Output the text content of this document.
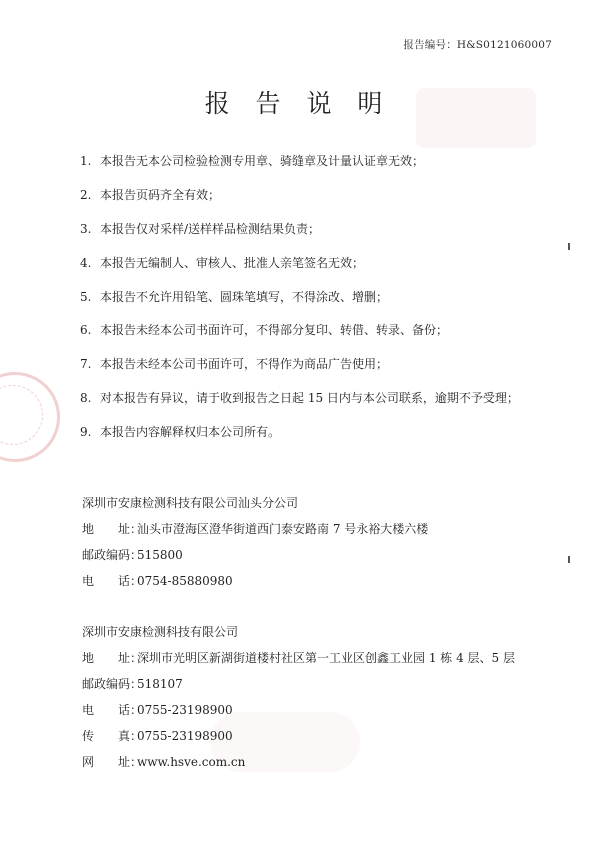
报告编号：H&S0121060007
报 告 说 明
1. 本报告无本公司检验检测专用章、骑缝章及计量认证章无效；
2. 本报告页码齐全有效；
3. 本报告仅对采样/送样样品检测结果负责；
4. 本报告无编制人、审核人、批准人亲笔签名无效；
5. 本报告不允许用铅笔、圆珠笔填写，不得涂改、增删；
6. 本报告未经本公司书面许可，不得部分复印、转借、转录、备份；
7. 本报告未经本公司书面许可，不得作为商品广告使用；
8. 对本报告有异议，请于收到报告之日起 15 日内与本公司联系，逾期不予受理；
9. 本报告内容解释权归本公司所有。
深圳市安康检测科技有限公司汕头分公司
地　　址：汕头市澄海区澄华街道西门泰安路南 7 号永裕大楼六楼
邮政编码：515800
电　　话：0754-85880980
深圳市安康检测科技有限公司
地　　址：深圳市光明区新湖街道楼村社区第一工业区创鑫工业园 1 栋 4 层、5 层
邮政编码：518107
电　　话：0755-23198900
传　　真：0755-23198900
网　　址：www.hsve.com.cn
